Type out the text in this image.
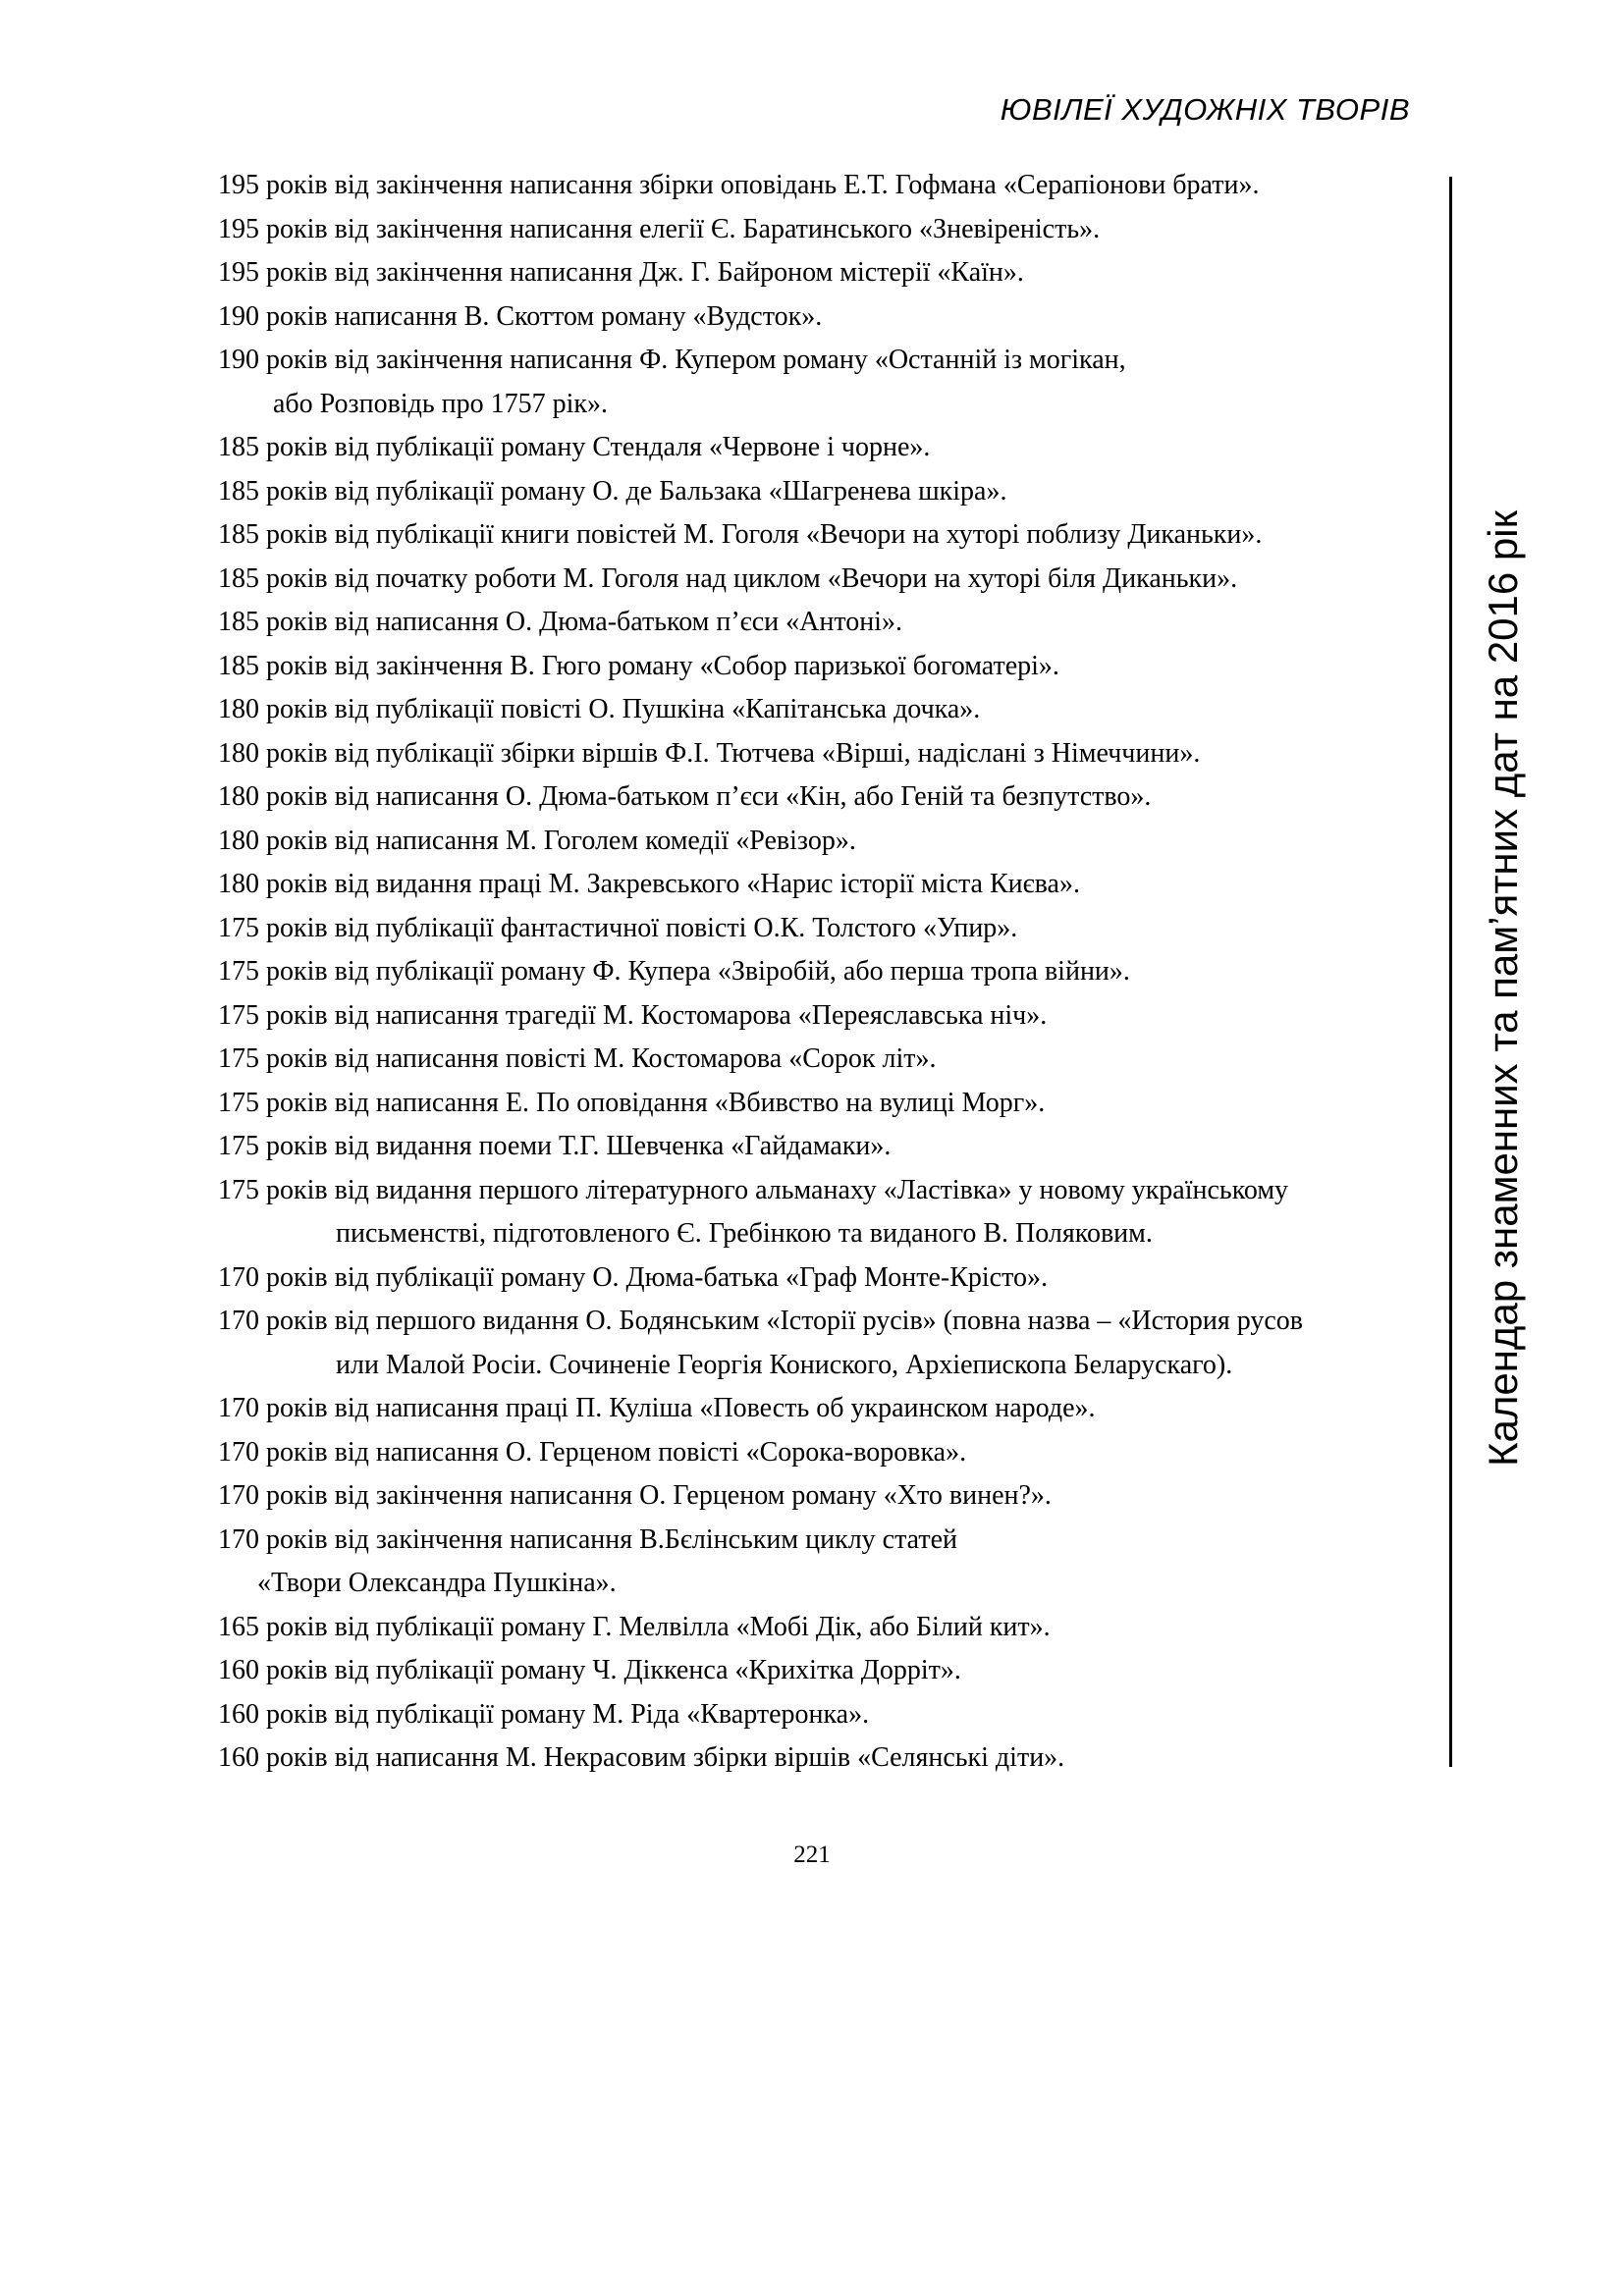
ЮВІЛЕЇ ХУДОЖНІХ ТВОРІВ
195 років від закінчення написання збірки оповідань Е.Т. Гофмана «Серапіонови брати».
195 років від закінчення написання елегії Є. Баратинського «Зневіреність».
195 років від закінчення написання Дж. Г. Байроном містерії «Каїн».
190 років написання В. Скоттом роману «Вудсток».
190 років від закінчення написання Ф. Купером роману «Останній із могікан,
або Розповідь про 1757 рік».
185 років від публікації роману Стендаля «Червоне і чорне».
185 років від публікації роману О. де Бальзака «Шагренева шкіра».
185 років від публікації книги повістей М. Гоголя «Вечори на хуторі поблизу Диканьки».
185 років від початку роботи М. Гоголя над циклом «Вечори на хуторі біля Диканьки».
185 років від написання О. Дюма-батьком п’єси «Антоні».
185 років від закінчення В. Гюго роману «Собор паризької богоматері».
180 років від публікації повісті О. Пушкіна «Капітанська дочка».
180 років від публікації збірки віршів Ф.І. Тютчева «Вірші, надіслані з Німеччини».
180 років від написання О. Дюма-батьком п’єси «Кін, або Геній та безпутство».
180 років від написання М. Гоголем комедії «Ревізор».
180 років від видання праці М. Закревського «Нарис історії міста Києва».
175 років від публікації фантастичної повісті О.К. Толстого «Упир».
175 років від публікації роману Ф. Купера «Звіробій, або перша тропа війни».
175 років від написання трагедії М. Костомарова «Переяславська ніч».
175 років від написання повісті М. Костомарова «Сорок літ».
175 років від написання Е. По оповідання «Вбивство на вулиці Морг».
175 років від видання поеми Т.Г. Шевченка «Гайдамаки».
175 років від видання першого літературного альманаху «Ластівка» у новому українському
письменстві, підготовленого Є. Гребінкою та виданого В. Поляковим.
170 років від публікації роману О. Дюма-батька «Граф Монте-Крісто».
170 років від першого видання О. Бодянським «Історії русів» (повна назва – «История русов
или Малой Росіи. Сочиненіе Георгія Кониского, Архіепископа Беларускаго).
170 років від написання праці П. Куліша «Повесть об украинском народе».
170 років від написання О. Герценом повісті «Сорока-воровка».
170 років від закінчення написання О. Герценом роману «Хто винен?».
170 років від закінчення написання В.Бєлінським циклу статей
«Твори Олександра Пушкіна».
165 років від публікації роману Г. Мелвілла «Мобі Дік, або Білий кит».
160 років від публікації роману Ч. Діккенса «Крихітка Дорріт».
160 років від публікації роману М. Ріда «Квартеронка».
160 років від написання М. Некрасовим збірки віршів «Селянські діти».
Календар знаменних та пам’ятних дат на 2016 рік
221
